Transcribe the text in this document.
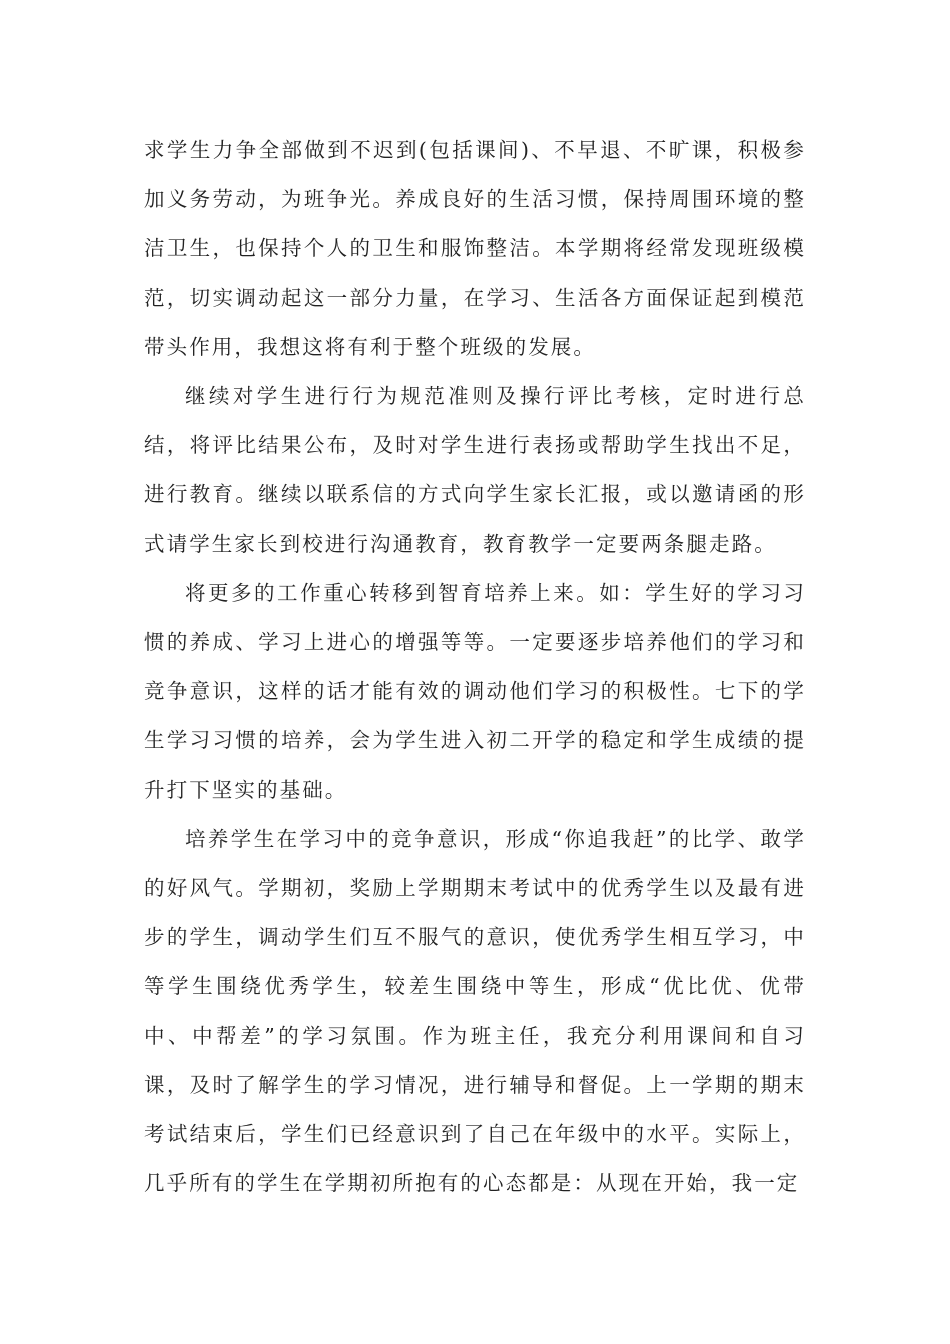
求学生力争全部做到不迟到(包括课间)、不早退、不旷课，积极参加义务劳动，为班争光。养成良好的生活习惯，保持周围环境的整洁卫生，也保持个人的卫生和服饰整洁。本学期将经常发现班级模范，切实调动起这一部分力量，在学习、生活各方面保证起到模范带头作用，我想这将有利于整个班级的发展。

继续对学生进行行为规范准则及操行评比考核，定时进行总结，将评比结果公布，及时对学生进行表扬或帮助学生找出不足，进行教育。继续以联系信的方式向学生家长汇报，或以邀请函的形式请学生家长到校进行沟通教育，教育教学一定要两条腿走路。

将更多的工作重心转移到智育培养上来。如：学生好的学习习惯的养成、学习上进心的增强等等。一定要逐步培养他们的学习和竞争意识，这样的话才能有效的调动他们学习的积极性。七下的学生学习习惯的培养，会为学生进入初二开学的稳定和学生成绩的提升打下坚实的基础。

培养学生在学习中的竞争意识，形成“你追我赶”的比学、敢学的好风气。学期初，奖励上学期期末考试中的优秀学生以及最有进步的学生，调动学生们互不服气的意识，使优秀学生相互学习，中等学生围绕优秀学生，较差生围绕中等生，形成“优比优、优带中、中帮差”的学习氛围。作为班主任，我充分利用课间和自习课，及时了解学生的学习情况，进行辅导和督促。上一学期的期末考试结束后，学生们已经意识到了自己在年级中的水平。实际上，几乎所有的学生在学期初所抱有的心态都是：从现在开始，我一定
